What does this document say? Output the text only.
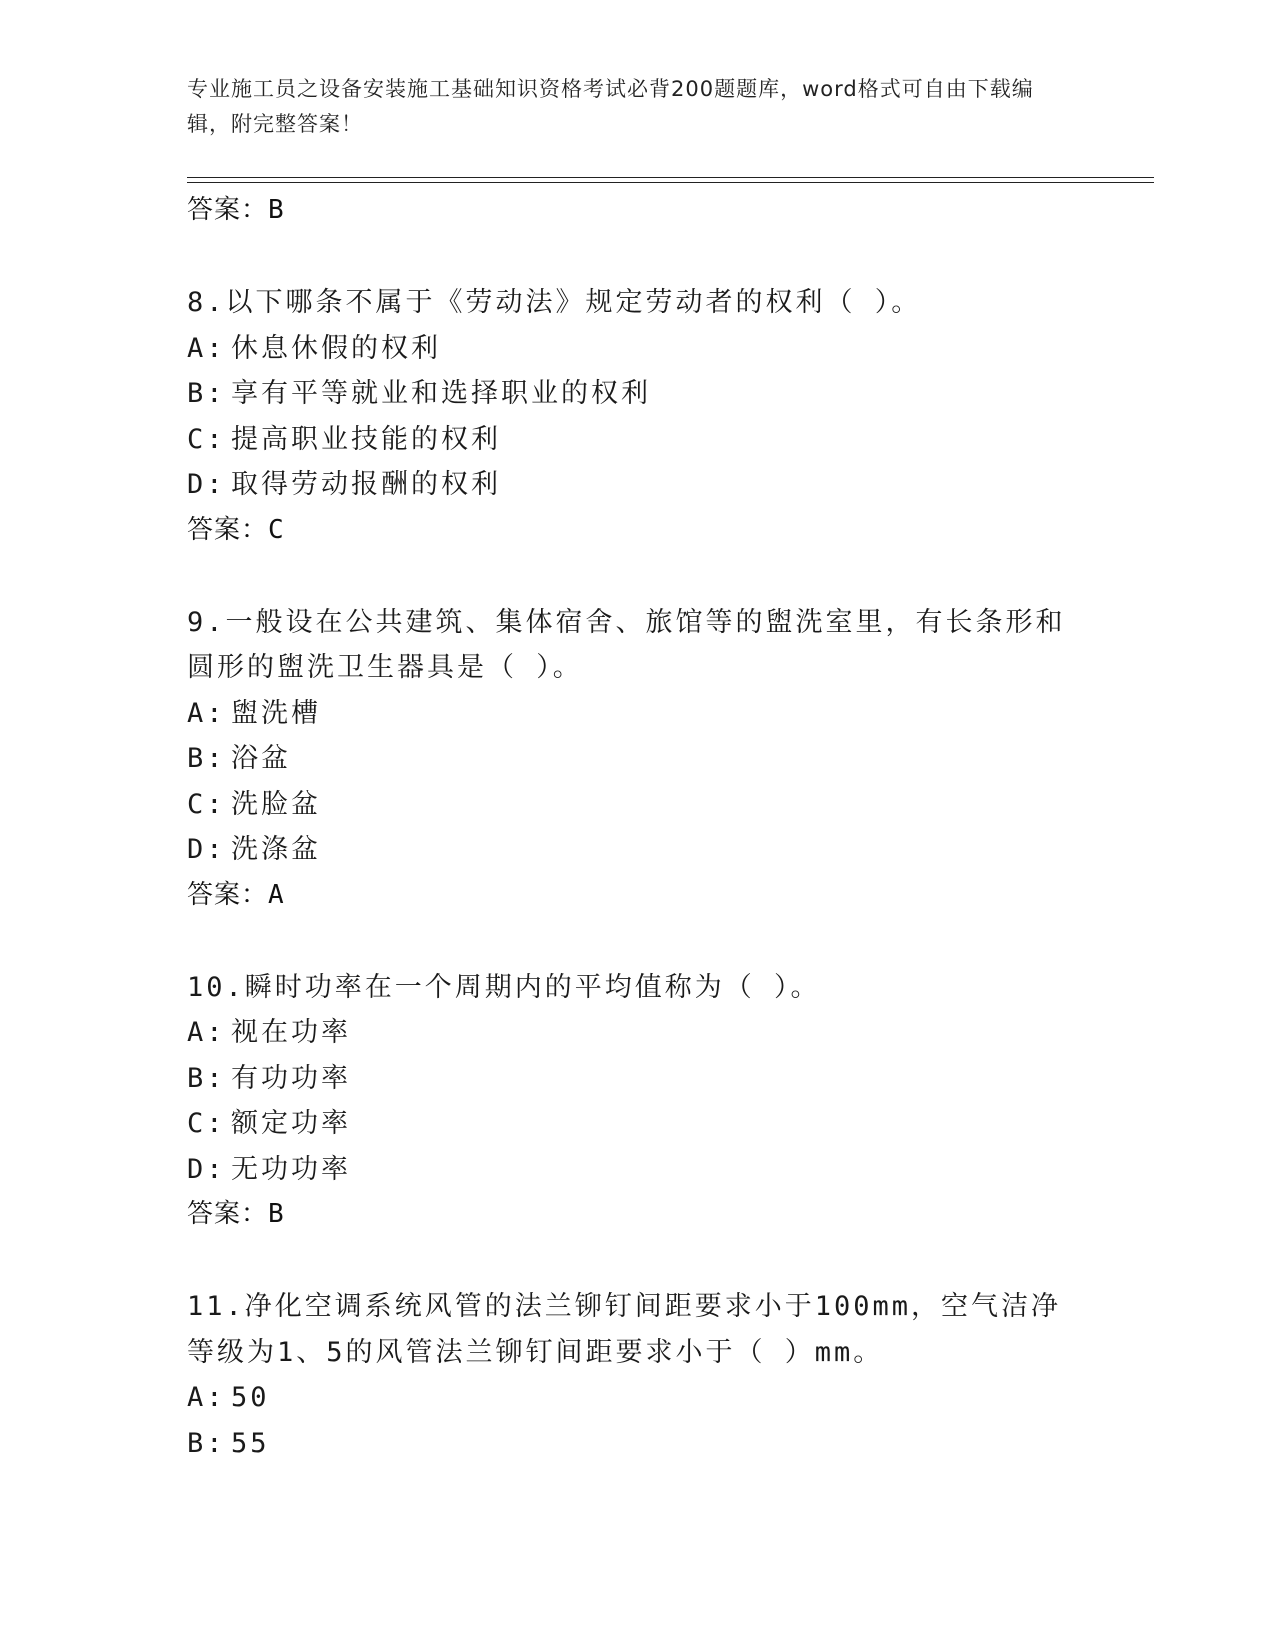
专业施工员之设备安装施工基础知识资格考试必背200题题库，word格式可自由下载编辑，附完整答案！
答案：B
8.以下哪条不属于《劳动法》规定劳动者的权利（ ）。
A: 休息休假的权利
B: 享有平等就业和选择职业的权利
C: 提高职业技能的权利
D: 取得劳动报酬的权利
答案：C
9.一般设在公共建筑、集体宿舍、旅馆等的盥洗室里，有长条形和圆形的盥洗卫生器具是（ ）。
A: 盥洗槽
B: 浴盆
C: 洗脸盆
D: 洗涤盆
答案：A
10.瞬时功率在一个周期内的平均值称为（ ）。
A: 视在功率
B: 有功功率
C: 额定功率
D: 无功功率
答案：B
11.净化空调系统风管的法兰铆钉间距要求小于100mm，空气洁净等级为1、5的风管法兰铆钉间距要求小于（ ）mm。
A: 50
B: 55
